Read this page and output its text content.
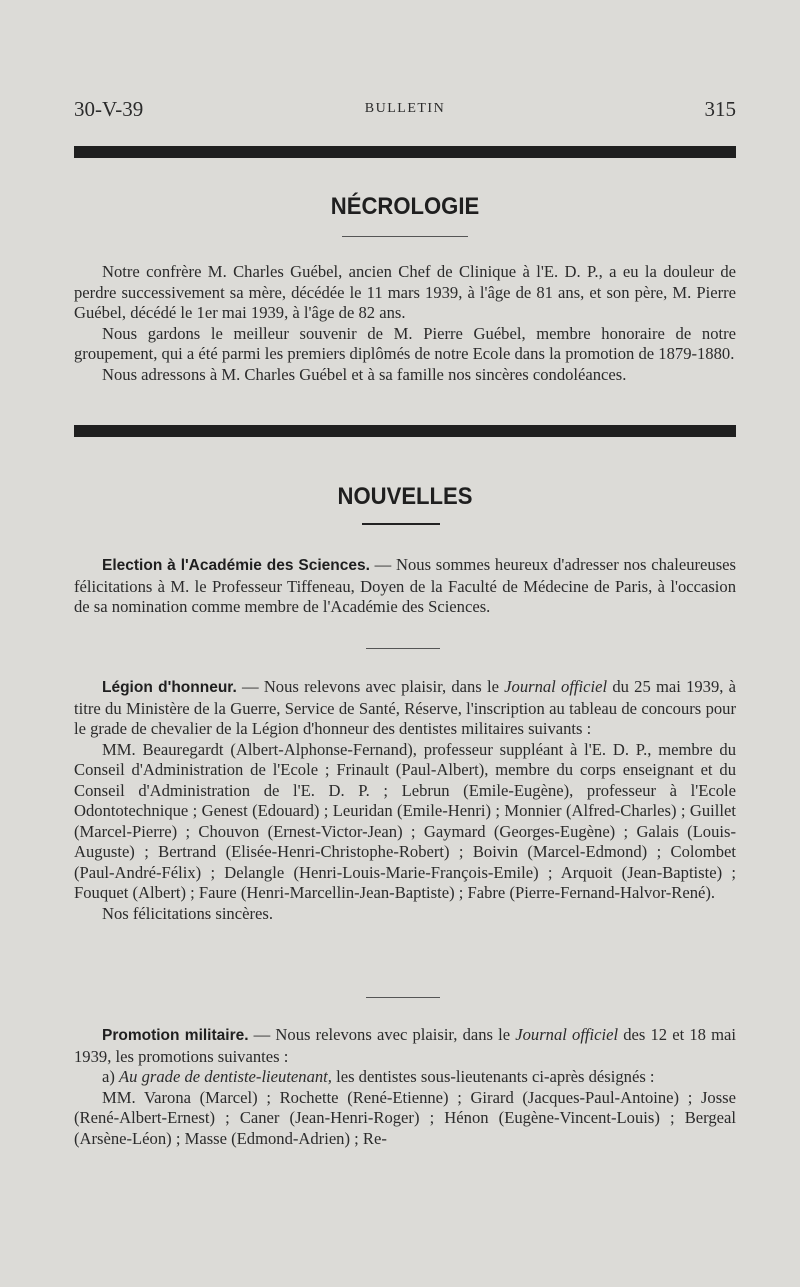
30-V-39	BULLETIN	315
NÉCROLOGIE

Notre confrère M. Charles Guébel, ancien Chef de Clinique à l'E. D. P., a eu la douleur de perdre successivement sa mère, décédée le 11 mars 1939, à l'âge de 81 ans, et son père, M. Pierre Guébel, décédé le 1er mai 1939, à l'âge de 82 ans.

Nous gardons le meilleur souvenir de M. Pierre Guébel, membre honoraire de notre groupement, qui a été parmi les premiers diplômés de notre Ecole dans la promotion de 1879-1880.

Nous adressons à M. Charles Guébel et à sa famille nos sincères condoléances.

NOUVELLES

Election à l'Académie des Sciences. — Nous sommes heureux d'adresser nos chaleureuses félicitations à M. le Professeur Tiffeneau, Doyen de la Faculté de Médecine de Paris, à l'occasion de sa nomination comme membre de l'Académie des Sciences.

Légion d'honneur. — Nous relevons avec plaisir, dans le Journal officiel du 25 mai 1939, à titre du Ministère de la Guerre, Service de Santé, Réserve, l'inscription au tableau de concours pour le grade de chevalier de la Légion d'honneur des dentistes militaires suivants :

MM. Beauregardt (Albert-Alphonse-Fernand), professeur suppléant à l'E. D. P., membre du Conseil d'Administration de l'Ecole ; Frinault (Paul-Albert), membre du corps enseignant et du Conseil d'Administration de l'E. D. P. ; Lebrun (Emile-Eugène), professeur à l'Ecole Odontotechnique ; Genest (Edouard) ; Leuridan (Emile-Henri) ; Monnier (Alfred-Charles) ; Guillet (Marcel-Pierre) ; Chouvon (Ernest-Victor-Jean) ; Gaymard (Georges-Eugène) ; Galais (Louis-Auguste) ; Bertrand (Elisée-Henri-Christophe-Robert) ; Boivin (Marcel-Edmond) ; Colombet (Paul-André-Félix) ; Delangle (Henri-Louis-Marie-François-Emile) ; Arquoit (Jean-Baptiste) ; Fouquet (Albert) ; Faure (Henri-Marcellin-Jean-Baptiste) ; Fabre (Pierre-Fernand-Halvor-René).

Nos félicitations sincères.

Promotion militaire. — Nous relevons avec plaisir, dans le Journal officiel des 12 et 18 mai 1939, les promotions suivantes :

a) Au grade de dentiste-lieutenant, les dentistes sous-lieutenants ci-après désignés :

MM. Varona (Marcel) ; Rochette (René-Etienne) ; Girard (Jacques-Paul-Antoine) ; Josse (René-Albert-Ernest) ; Caner (Jean-Henri-Roger) ; Hénon (Eugène-Vincent-Louis) ; Bergeal (Arsène-Léon) ; Masse (Edmond-Adrien) ; Re-
